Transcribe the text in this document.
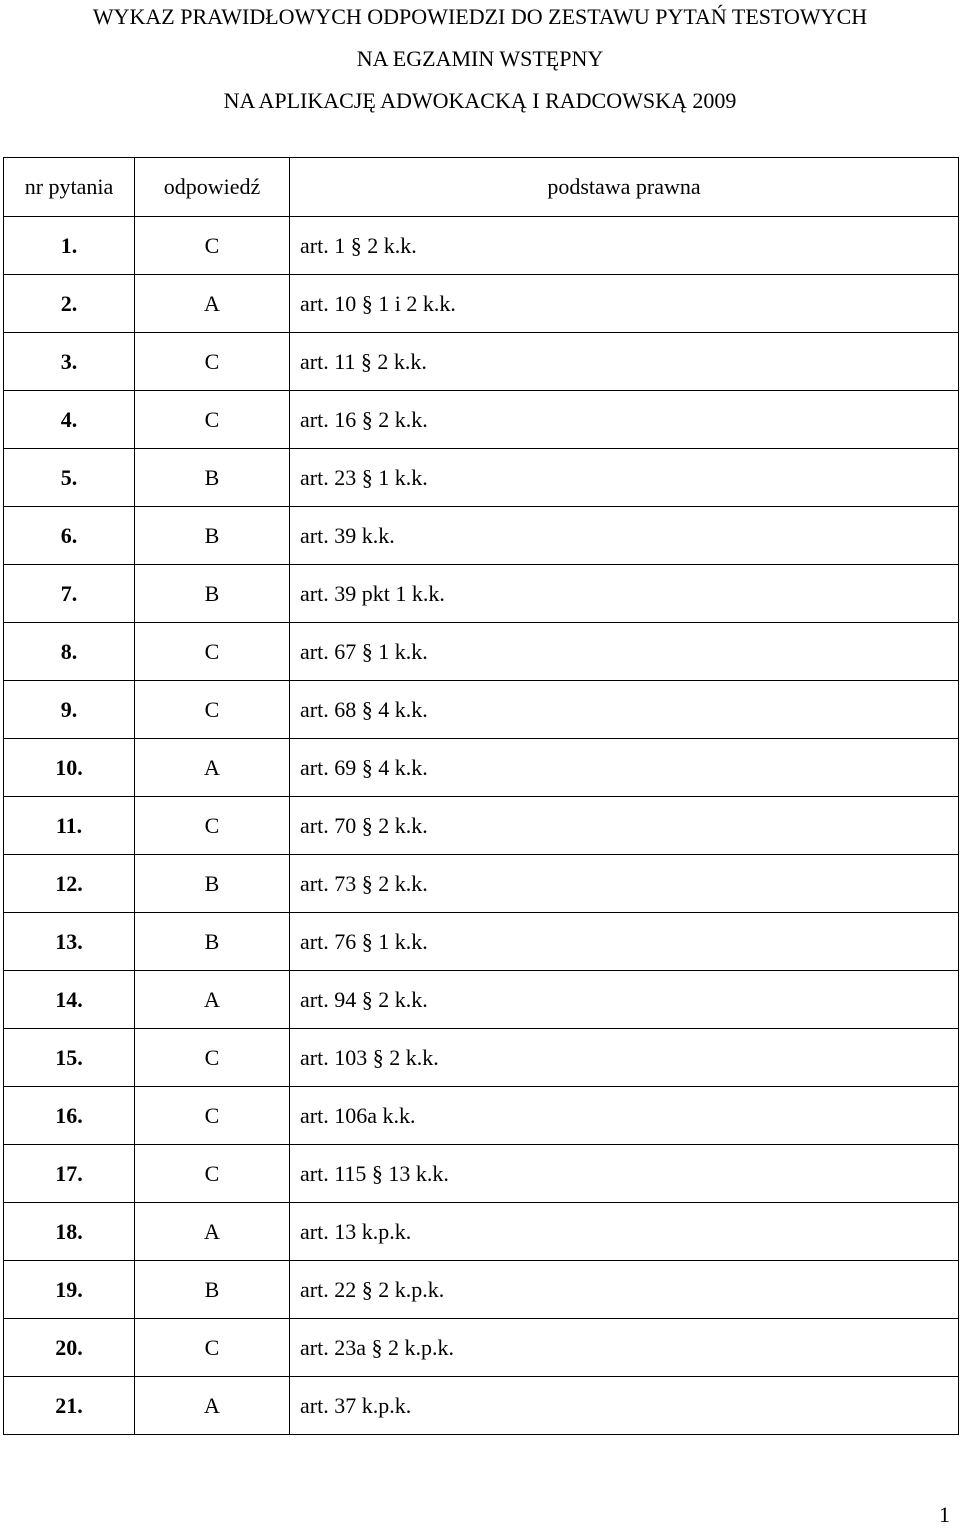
WYKAZ PRAWIDŁOWYCH ODPOWIEDZI DO ZESTAWU PYTAŃ TESTOWYCH
NA EGZAMIN WSTĘPNY
NA APLIKACJĘ ADWOKACKĄ I RADCOWSKĄ 2009
nr pytania	odpowiedź	podstawa prawna
1.	C	art. 1 § 2 k.k.
2.	A	art. 10 § 1 i 2 k.k.
3.	C	art. 11 § 2 k.k.
4.	C	art. 16 § 2 k.k.
5.	B	art. 23 § 1 k.k.
6.	B	art. 39 k.k.
7.	B	art. 39 pkt 1 k.k.
8.	C	art. 67 § 1 k.k.
9.	C	art. 68 § 4 k.k.
10.	A	art. 69 § 4 k.k.
11.	C	art. 70 § 2 k.k.
12.	B	art. 73 § 2 k.k.
13.	B	art. 76 § 1 k.k.
14.	A	art. 94 § 2 k.k.
15.	C	art. 103 § 2 k.k.
16.	C	art. 106a k.k.
17.	C	art. 115 § 13 k.k.
18.	A	art. 13 k.p.k.
19.	B	art. 22 § 2 k.p.k.
20.	C	art. 23a § 2 k.p.k.
21.	A	art. 37 k.p.k.
1
